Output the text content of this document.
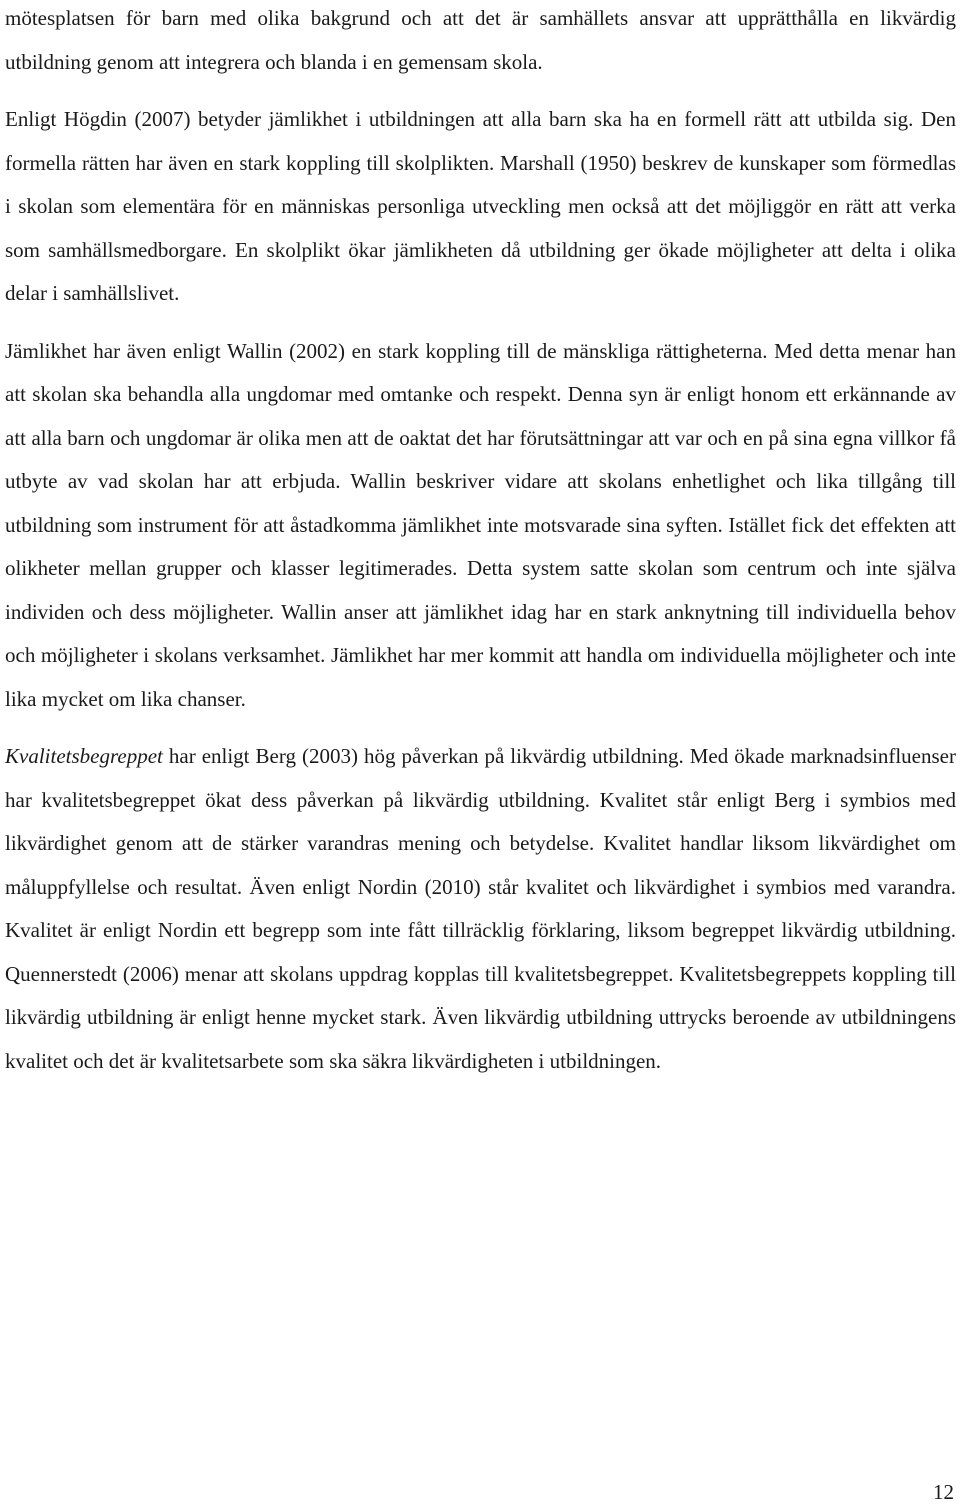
mötesplatsen för barn med olika bakgrund och att det är samhällets ansvar att upprätthålla en likvärdig utbildning genom att integrera och blanda i en gemensam skola.

Enligt Högdin (2007) betyder jämlikhet i utbildningen att alla barn ska ha en formell rätt att utbilda sig. Den formella rätten har även en stark koppling till skolplikten. Marshall (1950) beskrev de kunskaper som förmedlas i skolan som elementära för en människas personliga utveckling men också att det möjliggör en rätt att verka som samhällsmedborgare. En skolplikt ökar jämlikheten då utbildning ger ökade möjligheter att delta i olika delar i samhällslivet.

Jämlikhet har även enligt Wallin (2002) en stark koppling till de mänskliga rättigheterna. Med detta menar han att skolan ska behandla alla ungdomar med omtanke och respekt. Denna syn är enligt honom ett erkännande av att alla barn och ungdomar är olika men att de oaktat det har förutsättningar att var och en på sina egna villkor få utbyte av vad skolan har att erbjuda. Wallin beskriver vidare att skolans enhetlighet och lika tillgång till utbildning som instrument för att åstadkomma jämlikhet inte motsvarade sina syften. Istället fick det effekten att olikheter mellan grupper och klasser legitimerades. Detta system satte skolan som centrum och inte själva individen och dess möjligheter. Wallin anser att jämlikhet idag har en stark anknytning till individuella behov och möjligheter i skolans verksamhet. Jämlikhet har mer kommit att handla om individuella möjligheter och inte lika mycket om lika chanser.

Kvalitetsbegreppet har enligt Berg (2003) hög påverkan på likvärdig utbildning. Med ökade marknadsinfluenser har kvalitetsbegreppet ökat dess påverkan på likvärdig utbildning. Kvalitet står enligt Berg i symbios med likvärdighet genom att de stärker varandras mening och betydelse. Kvalitet handlar liksom likvärdighet om måluppfyllelse och resultat. Även enligt Nordin (2010) står kvalitet och likvärdighet i symbios med varandra. Kvalitet är enligt Nordin ett begrepp som inte fått tillräcklig förklaring, liksom begreppet likvärdig utbildning. Quennerstedt (2006) menar att skolans uppdrag kopplas till kvalitetsbegreppet. Kvalitetsbegreppets koppling till likvärdig utbildning är enligt henne mycket stark. Även likvärdig utbildning uttrycks beroende av utbildningens kvalitet och det är kvalitetsarbete som ska säkra likvärdigheten i utbildningen.

12
